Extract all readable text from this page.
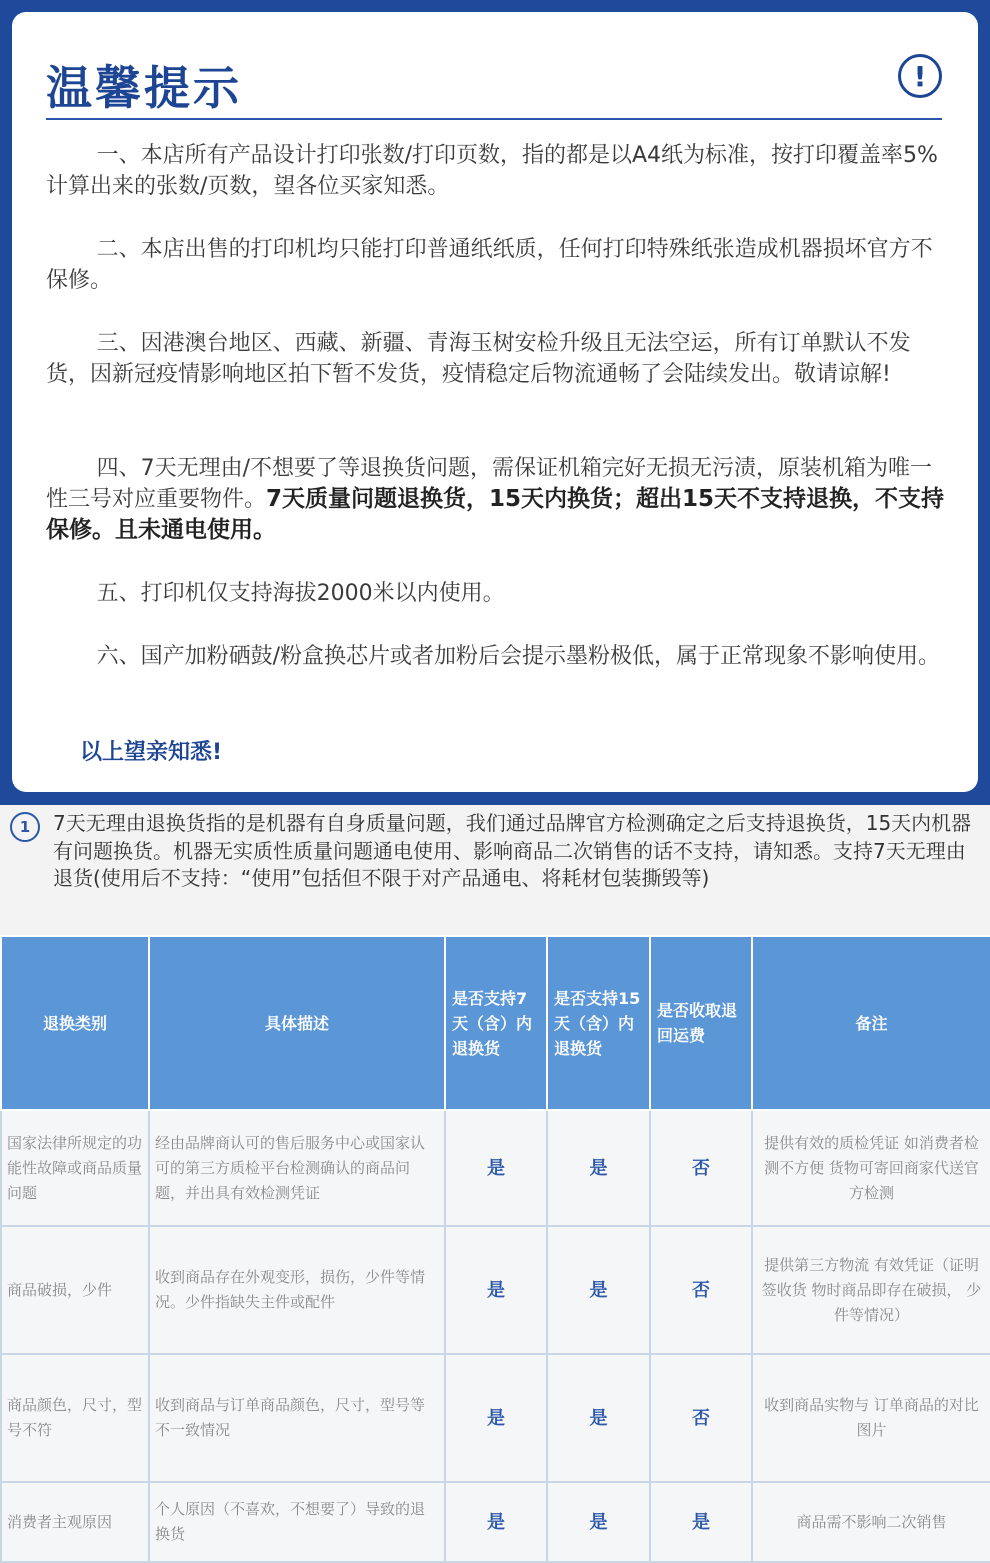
温馨提示	!
一、本店所有产品设计打印张数/打印页数，指的都是以A4纸为标准，按打印覆盖率5%计算出来的张数/页数，望各位买家知悉。
二、本店出售的打印机均只能打印普通纸纸质，任何打印特殊纸张造成机器损坏官方不保修。
三、因港澳台地区、西藏、新疆、青海玉树安检升级且无法空运，所有订单默认不发货，因新冠疫情影响地区拍下暂不发货，疫情稳定后物流通畅了会陆续发出。敬请谅解!
四、7天无理由/不想要了等退换货问题，需保证机箱完好无损无污渍，原装机箱为唯一性三号对应重要物件。7天质量问题退换货，15天内换货；超出15天不支持退换，不支持保修。且未通电使用。
五、打印机仅支持海拔2000米以内使用。
六、国产加粉硒鼓/粉盒换芯片或者加粉后会提示墨粉极低，属于正常现象不影响使用。
以上望亲知悉!
1	7天无理由退换货指的是机器有自身质量问题，我们通过品牌官方检测确定之后支持退换货，15天内机器有问题换货。机器无实质性质量问题通电使用、影响商品二次销售的话不支持，请知悉。支持7天无理由退货(使用后不支持：“使用”包括但不限于对产品通电、将耗材包装撕毁等)
退换类别	具体描述	是否支持7天（含）内退换货	是否支持15天（含）内退换货	是否收取退回运费	备注
国家法律所规定的功能性故障或商品质量问题	经由品牌商认可的售后服务中心或国家认可的第三方质检平台检测确认的商品问题，并出具有效检测凭证	是	是	否	提供有效的质检凭证 如消费者检测不方便 货物可寄回商家代送官方检测
商品破损，少件	收到商品存在外观变形，损伤，少件等情况。少件指缺失主件或配件	是	是	否	提供第三方物流 有效凭证（证明签收货 物时商品即存在破损， 少件等情况）
商品颜色，尺寸，型号不符	收到商品与订单商品颜色，尺寸，型号等不一致情况	是	是	否	收到商品实物与 订单商品的对比图片
消费者主观原因	个人原因（不喜欢，不想要了）导致的退换货	是	是	是	商品需不影响二次销售
